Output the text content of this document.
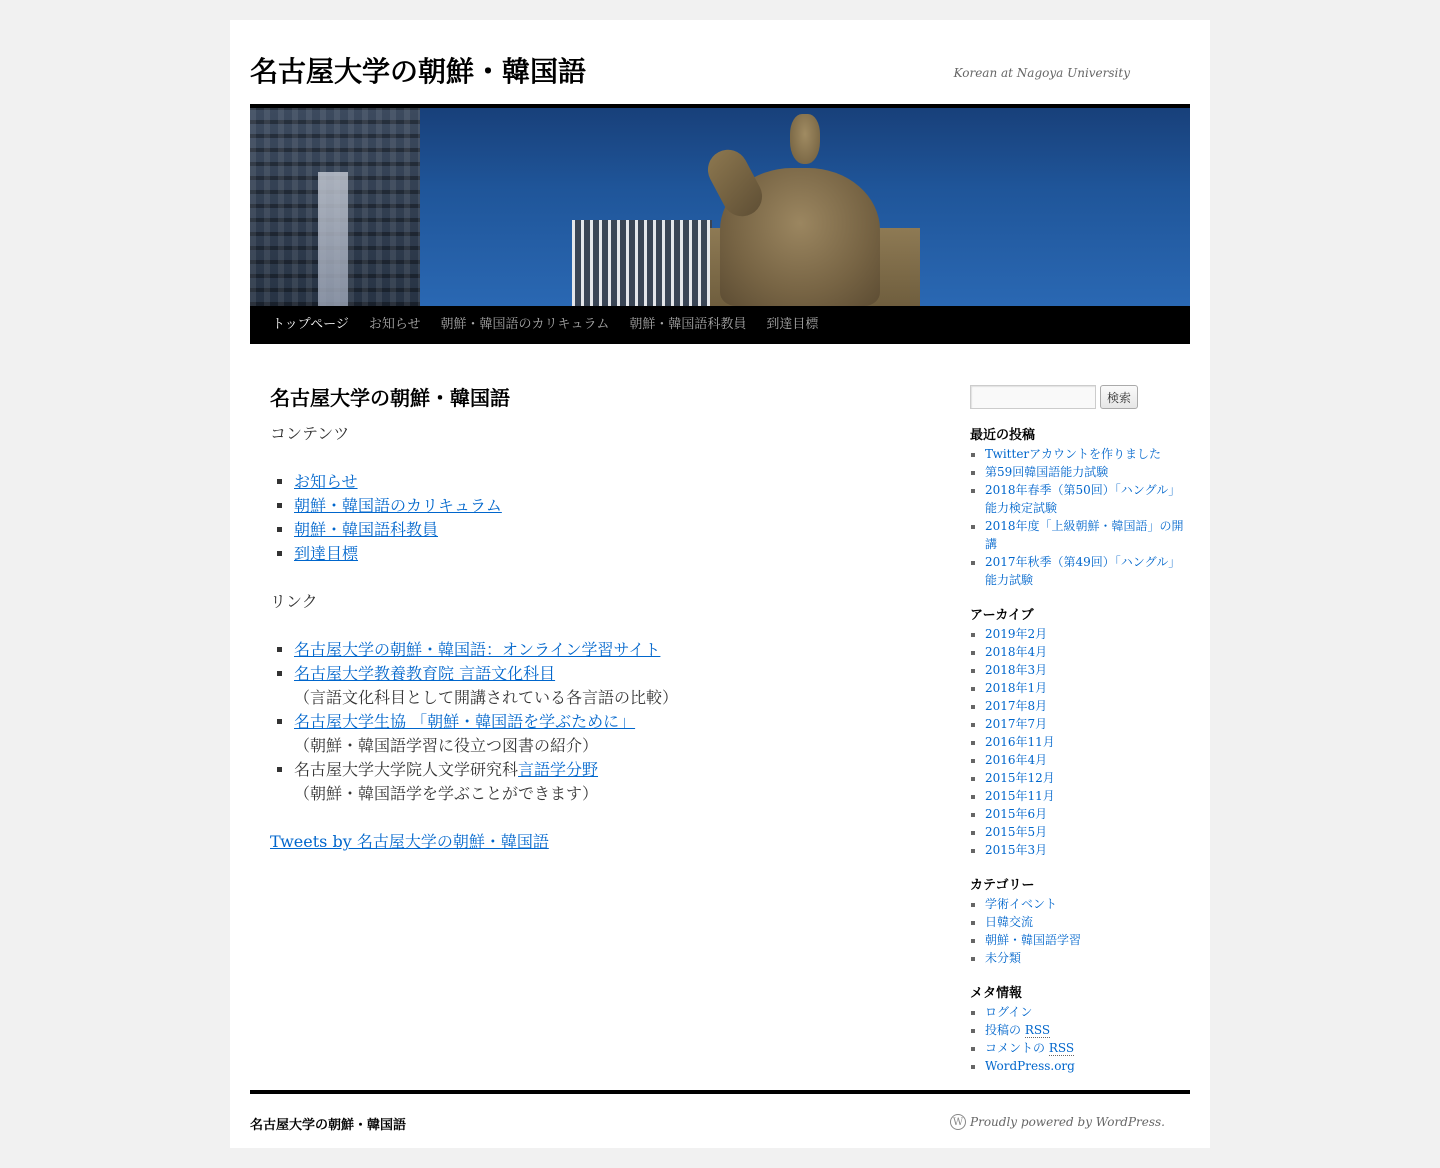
名古屋大学の朝鮮・韓国語	Korean at Nagoya University
トップページ	お知らせ	朝鮮・韓国語のカリキュラム	朝鮮・韓国語科教員	到達目標
名古屋大学の朝鮮・韓国語

コンテンツ

▪ お知らせ
▪ 朝鮮・韓国語のカリキュラム
▪ 朝鮮・韓国語科教員
▪ 到達目標

リンク

▪ 名古屋大学の朝鮮・韓国語：オンライン学習サイト
▪ 名古屋大学教養教育院 言語文化科目
（言語文化科目として開講されている各言語の比較）
▪ 名古屋大学生協 「朝鮮・韓国語を学ぶために」
（朝鮮・韓国語学習に役立つ図書の紹介）
▪ 名古屋大学大学院人文学研究科言語学分野
（朝鮮・韓国語学を学ぶことができます）
Tweets by 名古屋大学の朝鮮・韓国語
検索
最近の投稿
▪ Twitterアカウントを作りました
▪ 第59回韓国語能力試験
▪ 2018年春季（第50回）「ハングル」能力検定試験
▪ 2018年度「上級朝鮮・韓国語」の開講
▪ 2017年秋季（第49回）「ハングル」能力試験
アーカイブ
▪ 2019年2月
▪ 2018年4月
▪ 2018年3月
▪ 2018年1月
▪ 2017年8月
▪ 2017年7月
▪ 2016年11月
▪ 2016年4月
▪ 2015年12月
▪ 2015年11月
▪ 2015年6月
▪ 2015年5月
▪ 2015年3月
カテゴリー
▪ 学術イベント
▪ 日韓交流
▪ 朝鮮・韓国語学習
▪ 未分類
メタ情報
▪ ログイン
▪ 投稿の RSS
▪ コメントの RSS
▪ WordPress.org
名古屋大学の朝鮮・韓国語	W Proudly powered by WordPress.
